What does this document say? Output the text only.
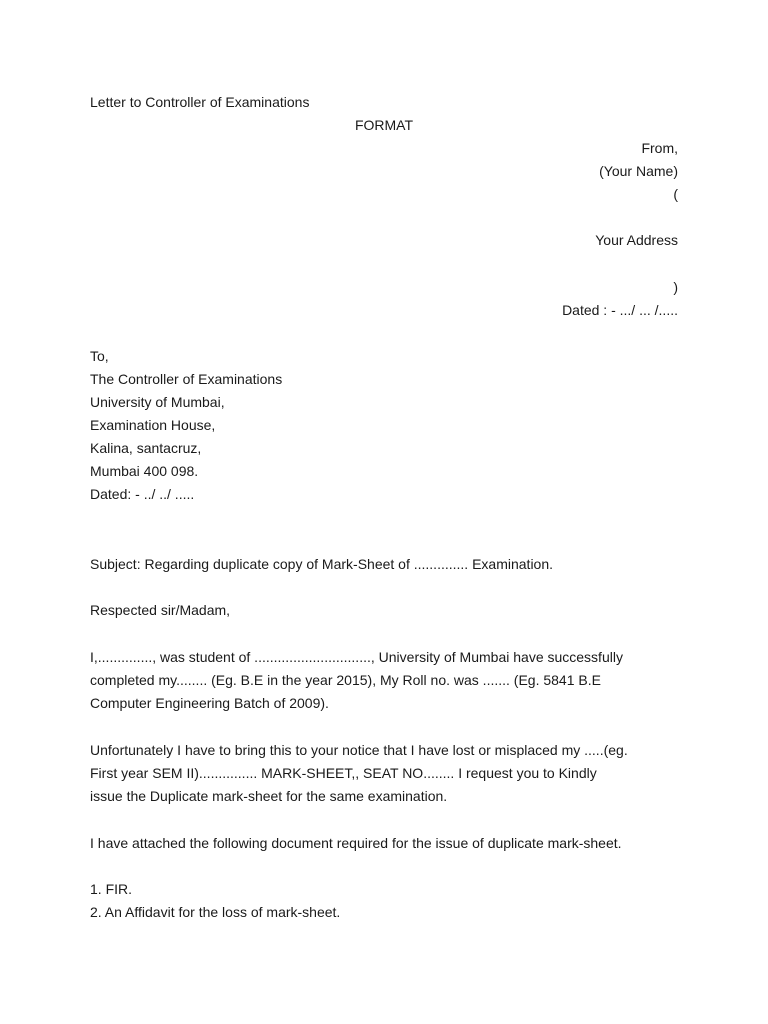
Letter to Controller of Examinations
FORMAT
From,
(Your Name)
(
Your Address
)
Dated : - .../ ... /.....
To,
The Controller of Examinations
University of Mumbai,
Examination House,
Kalina, santacruz,
Mumbai 400 098.
Dated: - ../ ../ .....
Subject: Regarding duplicate copy of Mark-Sheet of .............. Examination.
Respected sir/Madam,
I,.............., was student of .............................., University of Mumbai have successfully
completed my........ (Eg. B.E in the year 2015), My Roll no. was ....... (Eg. 5841 B.E
Computer Engineering Batch of 2009).
Unfortunately I have to bring this to your notice that I have lost or misplaced my .....(eg.
First year SEM II)............... MARK-SHEET,, SEAT NO........ I request you to Kindly
issue the Duplicate mark-sheet for the same examination.
I have attached the following document required for the issue of duplicate mark-sheet.
1. FIR.
2. An Affidavit for the loss of mark-sheet.
